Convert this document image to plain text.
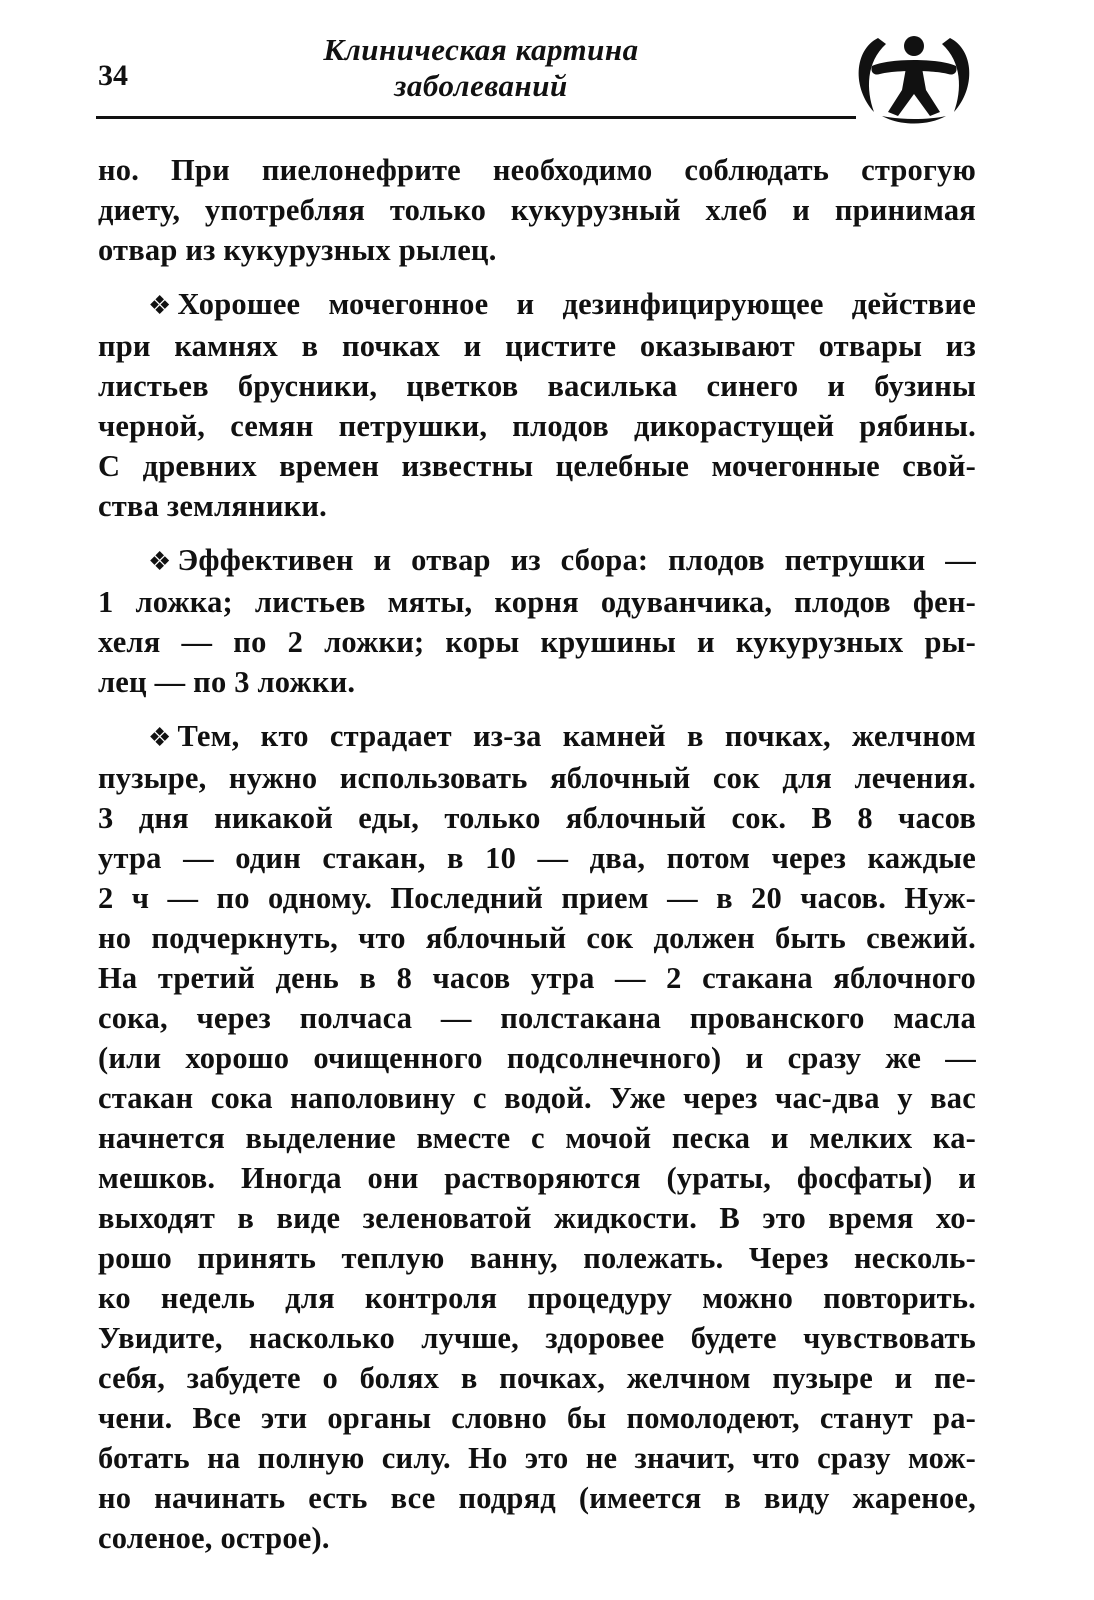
34
Клиническая картина
заболеваний

но. При пиелонефрите необходимо соблюдать строгую
диету, употребляя только кукурузный хлеб и принимая
отвар из кукурузных рылец.

❖ Хорошее мочегонное и дезинфицирующее действие
при камнях в почках и цистите оказывают отвары из
листьев брусники, цветков василька синего и бузины
черной, семян петрушки, плодов дикорастущей рябины.
С древних времен известны целебные мочегонные свой-
ства земляники.

❖ Эффективен и отвар из сбора: плодов петрушки —
1 ложка; листьев мяты, корня одуванчика, плодов фен-
хеля — по 2 ложки; коры крушины и кукурузных ры-
лец — по 3 ложки.

❖ Тем, кто страдает из-за камней в почках, желчном
пузыре, нужно использовать яблочный сок для лечения.
3 дня никакой еды, только яблочный сок. В 8 часов
утра — один стакан, в 10 — два, потом через каждые
2 ч — по одному. Последний прием — в 20 часов. Нуж-
но подчеркнуть, что яблочный сок должен быть свежий.
На третий день в 8 часов утра — 2 стакана яблочного
сока, через полчаса — полстакана прованского масла
(или хорошо очищенного подсолнечного) и сразу же —
стакан сока наполовину с водой. Уже через час-два у вас
начнется выделение вместе с мочой песка и мелких ка-
мешков. Иногда они растворяются (ураты, фосфаты) и
выходят в виде зеленоватой жидкости. В это время хо-
рошо принять теплую ванну, полежать. Через несколь-
ко недель для контроля процедуру можно повторить.
Увидите, насколько лучше, здоровее будете чувствовать
себя, забудете о болях в почках, желчном пузыре и пе-
чени. Все эти органы словно бы помолодеют, станут ра-
ботать на полную силу. Но это не значит, что сразу мож-
но начинать есть все подряд (имеется в виду жареное,
соленое, острое).
